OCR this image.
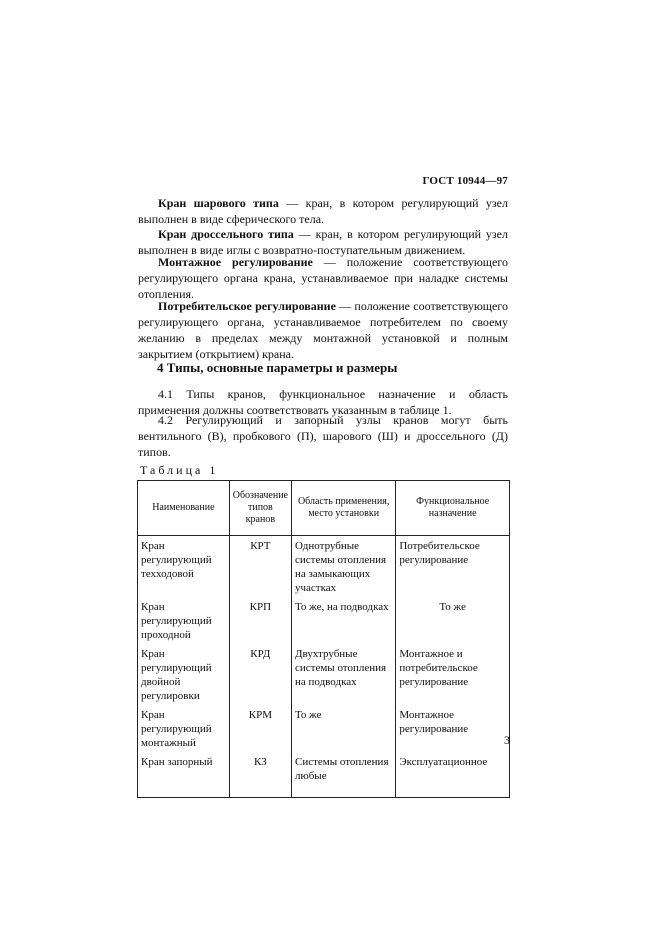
ГОСТ 10944—97
Кран шарового типа — кран, в котором регулирующий узел выполнен в виде сферического тела.
Кран дроссельного типа — кран, в котором регулирующий узел выполнен в виде иглы с возвратно-поступательным движением.
Монтажное регулирование — положение соответствующего регулирующего органа крана, устанавливаемое при наладке системы отопления.
Потребительское регулирование — положение соответствующего регулирующего органа, устанавливаемое потребителем по своему желанию в пределах между монтажной установкой и полным закрытием (открытием) крана.
4 Типы, основные параметры и размеры
4.1 Типы кранов, функциональное назначение и область применения должны соответствовать указанным в таблице 1.
4.2 Регулирующий и запорный узлы кранов могут быть вентильного (В), пробкового (П), шарового (Ш) и дроссельного (Д) типов.
Таблица 1
Наименование	Обозначение типов кранов	Область применения, место установки	Функциональное назначение
Кран регулирующий техходовой	КРТ	Однотрубные системы отопления на замыкающих участках	Потребительское регулирование
Кран регулирующий проходной	КРП	То же, на подводках	То же
Кран регулирующий двойной регулировки	КРД	Двухтрубные системы отопления на подводках	Монтажное и потребительское регулирование
Кран регулирующий монтажный	КРМ	То же	Монтажное регулирование
Кран запорный	КЗ	Системы отопления любые	Эксплуатационное
3
